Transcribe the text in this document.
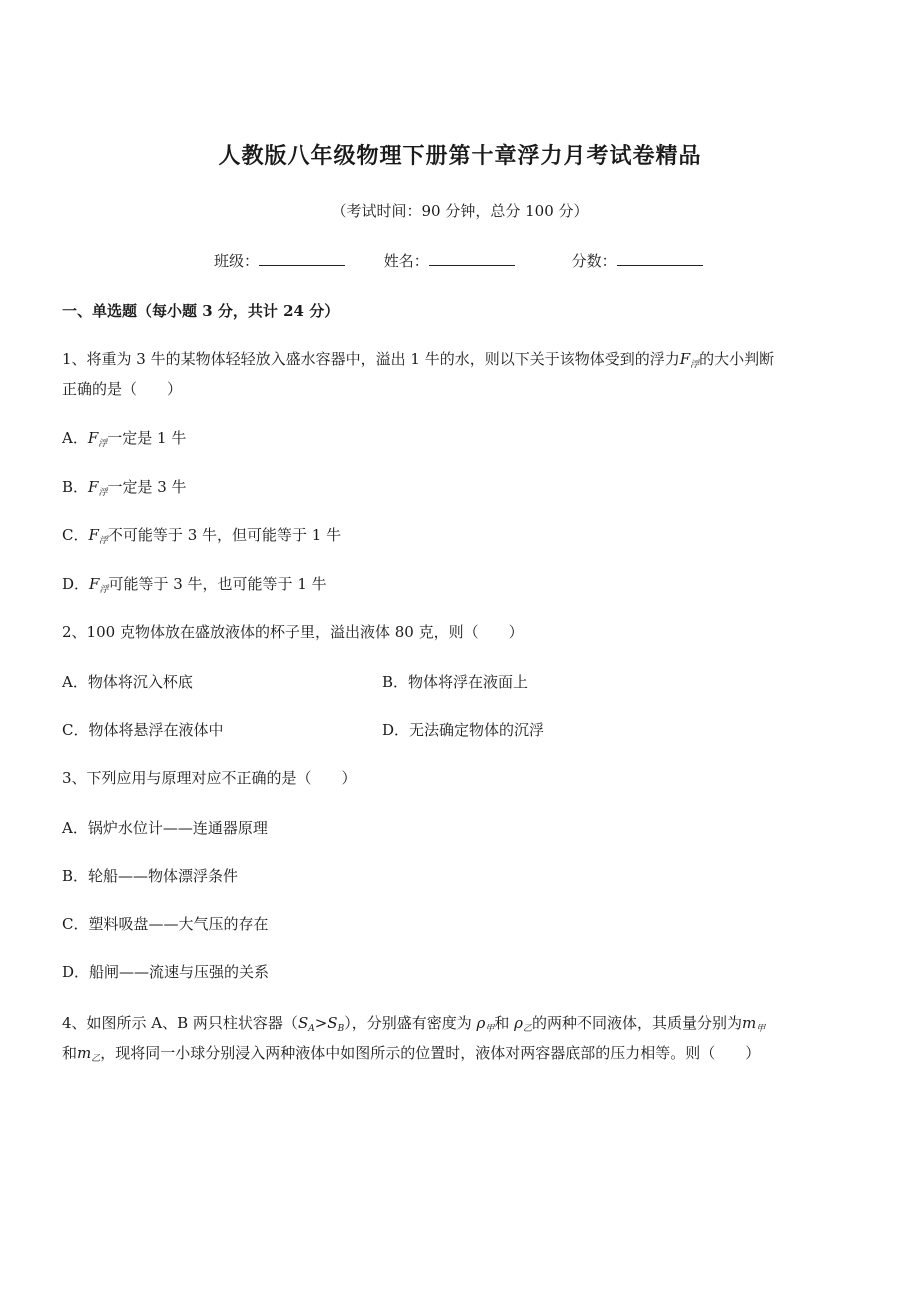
人教版八年级物理下册第十章浮力月考试卷精品
（考试时间：90 分钟，总分 100 分）
班级：	姓名：	分数：
一、单选题（每小题 3 分，共计 24 分）
1、将重为 3 牛的某物体轻轻放入盛水容器中，溢出 1 牛的水，则以下关于该物体受到的浮力$F_浮$的大小判断
正确的是（　　）
A．$F_浮$一定是 1 牛
B．$F_浮$一定是 3 牛
C．$F_浮$不可能等于 3 牛，但可能等于 1 牛
D．$F_浮$可能等于 3 牛，也可能等于 1 牛
2、100 克物体放在盛放液体的杯子里，溢出液体 80 克，则（　　）
A．物体将沉入杯底	B．物体将浮在液面上
C．物体将悬浮在液体中	D．无法确定物体的沉浮
3、下列应用与原理对应不正确的是（　　）
A．锅炉水位计——连通器原理
B．轮船——物体漂浮条件
C．塑料吸盘——大气压的存在
D．船闸——流速与压强的关系
4、如图所示 A、B 两只柱状容器$(S_A>S_B)$，分别盛有密度为 $\rho_甲$和 $\rho_乙$的两种不同液体，其质量分别为$m_甲$
和$m_乙$，现将同一小球分别浸入两种液体中如图所示的位置时，液体对两容器底部的压力相等。则（　　）
